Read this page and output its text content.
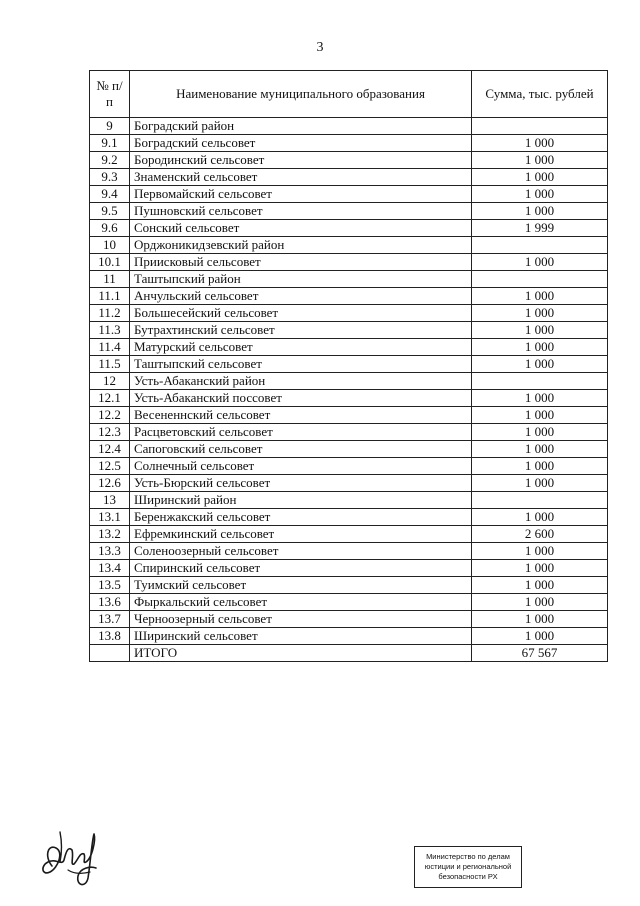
3
№ п/п	Наименование муниципального образования	Сумма, тыс. рублей
9	Боградский район	
9.1	Боградский сельсовет	1 000
9.2	Бородинский сельсовет	1 000
9.3	Знаменский сельсовет	1 000
9.4	Первомайский сельсовет	1 000
9.5	Пушновский сельсовет	1 000
9.6	Сонский сельсовет	1 999
10	Орджоникидзевский район	
10.1	Приисковый сельсовет	1 000
11	Таштыпский район	
11.1	Анчульский сельсовет	1 000
11.2	Большесейский сельсовет	1 000
11.3	Бутрахтинский сельсовет	1 000
11.4	Матурский сельсовет	1 000
11.5	Таштыпский сельсовет	1 000
12	Усть-Абаканский район	
12.1	Усть-Абаканский поссовет	1 000
12.2	Весененнский сельсовет	1 000
12.3	Расцветовский сельсовет	1 000
12.4	Сапоговский сельсовет	1 000
12.5	Солнечный сельсовет	1 000
12.6	Усть-Бюрский сельсовет	1 000
13	Ширинский район	
13.1	Беренжакский сельсовет	1 000
13.2	Ефремкинский сельсовет	2 600
13.3	Соленоозерный сельсовет	1 000
13.4	Спиринский сельсовет	1 000
13.5	Туимский сельсовет	1 000
13.6	Фыркальский сельсовет	1 000
13.7	Черноозерный сельсовет	1 000
13.8	Ширинский сельсовет	1 000
	ИТОГО	67 567
Министерство по делам
юстиции и региональной
безопасности РХ
